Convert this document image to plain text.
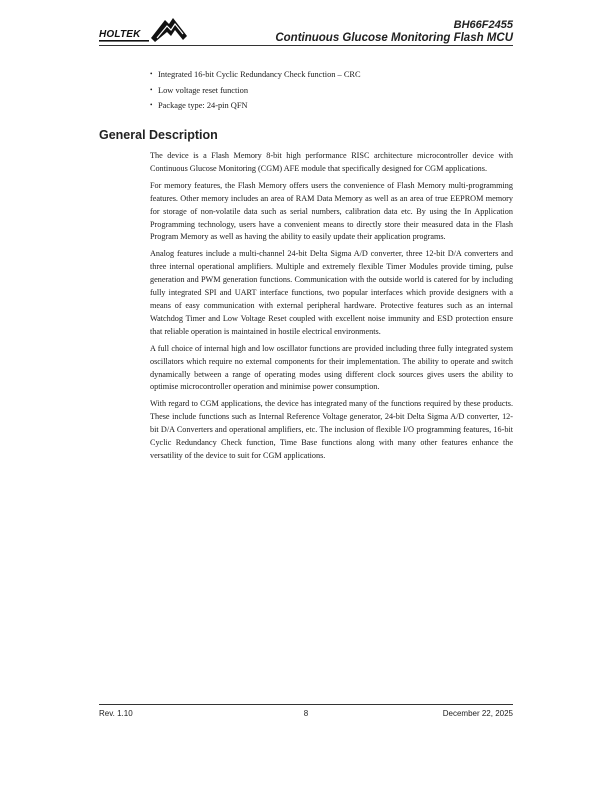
HOLTEK
BH66F2455
Continuous Glucose Monitoring Flash MCU
• Integrated 16-bit Cyclic Redundancy Check function – CRC
• Low voltage reset function
• Package type: 24-pin QFN
General Description

The device is a Flash Memory 8-bit high performance RISC architecture microcontroller device with Continuous Glucose Monitoring (CGM) AFE module that specifically designed for CGM applications.

For memory features, the Flash Memory offers users the convenience of Flash Memory multi-programming features. Other memory includes an area of RAM Data Memory as well as an area of true EEPROM memory for storage of non-volatile data such as serial numbers, calibration data etc. By using the In Application Programming technology, users have a convenient means to directly store their measured data in the Flash Program Memory as well as having the ability to easily update their application programs.

Analog features include a multi-channel 24-bit Delta Sigma A/D converter, three 12-bit D/A converters and three internal operational amplifiers. Multiple and extremely flexible Timer Modules provide timing, pulse generation and PWM generation functions. Communication with the outside world is catered for by including fully integrated SPI and UART interface functions, two popular interfaces which provide designers with a means of easy communication with external peripheral hardware. Protective features such as an internal Watchdog Timer and Low Voltage Reset coupled with excellent noise immunity and ESD protection ensure that reliable operation is maintained in hostile electrical environments.

A full choice of internal high and low oscillator functions are provided including three fully integrated system oscillators which require no external components for their implementation. The ability to operate and switch dynamically between a range of operating modes using different clock sources gives users the ability to optimise microcontroller operation and minimise power consumption.

With regard to CGM applications, the device has integrated many of the functions required by these products. These include functions such as Internal Reference Voltage generator, 24-bit Delta Sigma A/D converter, 12-bit D/A Converters and operational amplifiers, etc. The inclusion of flexible I/O programming features, 16-bit Cyclic Redundancy Check function, Time Base functions along with many other features enhance the versatility of the device to suit for CGM applications.

Rev. 1.10	8	December 22, 2025
